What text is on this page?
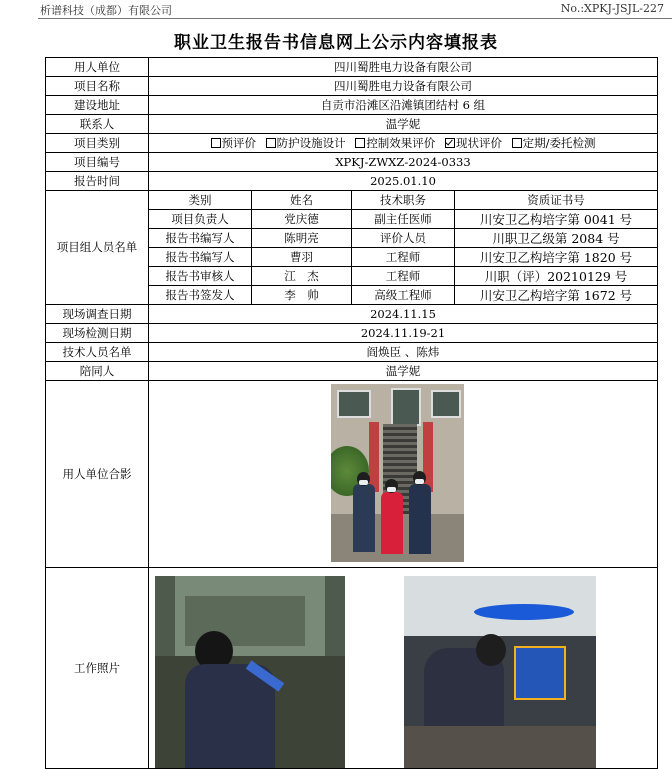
析谱科技（成都）有限公司	No.:XPKJ-JSJL-227
职业卫生报告书信息网上公示内容填报表
用人单位	四川蜀胜电力设备有限公司			
项目名称	四川蜀胜电力设备有限公司			
建设地址	自贡市沿滩区沿滩镇团结村 6 组			
联系人	温学妮			
项目类别	预评价 防护设施设计 控制效果评价 现状评价 定期/委托检测			
项目编号	XPKJ-ZWXZ-2024-0333			
报告时间	2025.01.10			
项目组人员名单	类别	姓名	技术职务	资质证书号
	项目负责人	党庆德	副主任医师	川安卫乙构培字第 0041 号
	报告书编写人	陈明亮	评价人员	川职卫乙级第 2084 号
	报告书编写人	曹羽	工程师	川安卫乙构培字第 1820 号
	报告书审核人	江　杰	工程师	川职（评）20210129 号
	报告书签发人	李　帅	高级工程师	川安卫乙构培字第 1672 号
现场调查日期	2024.11.15			
现场检测日期	2024.11.19-21			
技术人员名单	阎焕臣 、陈炜			
陪同人	温学妮			
用人单位合影				

工作照片				
